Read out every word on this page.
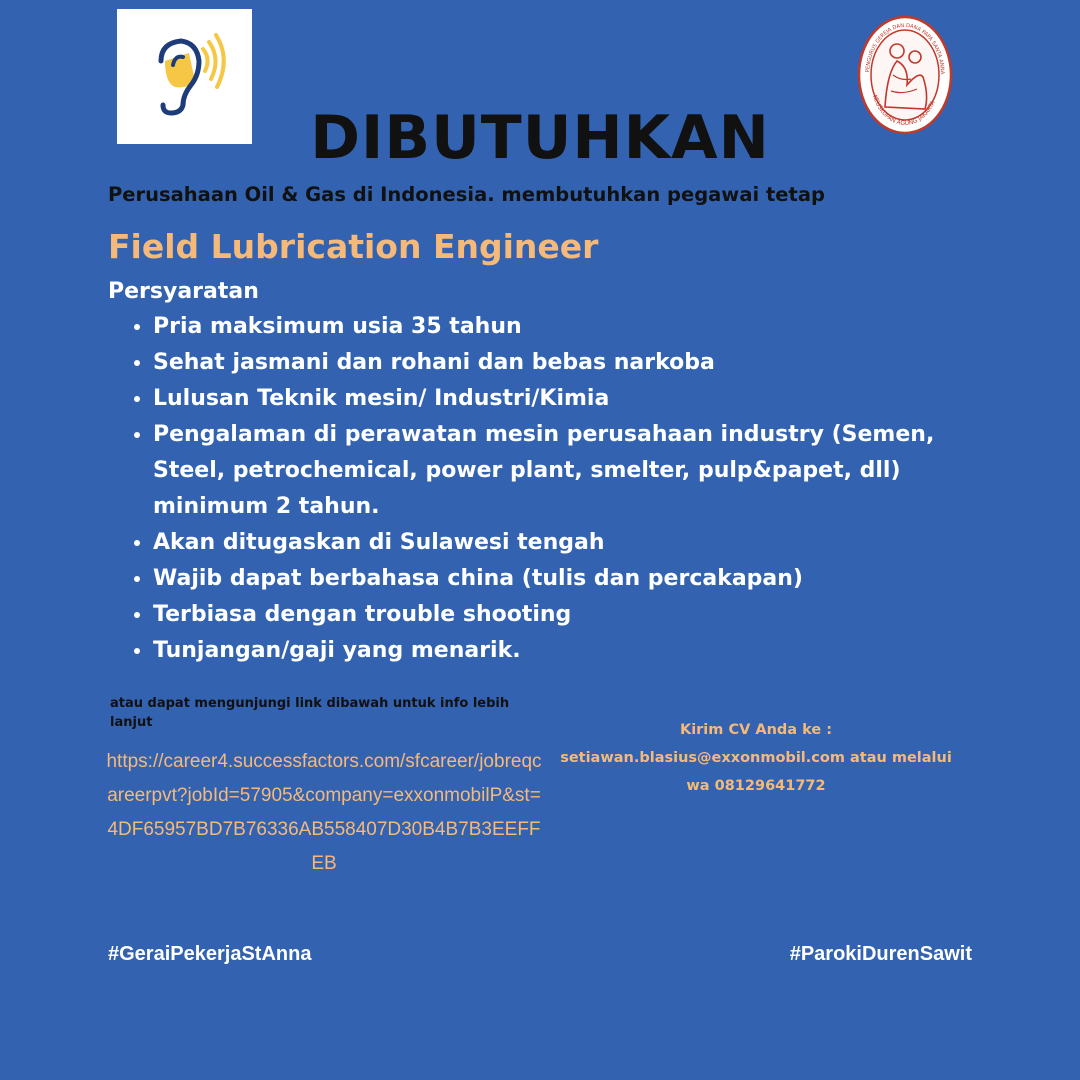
PENGURUS GEREJA DAN DANA PAPA SANTA ANNA
KEUSKUPAN AGUNG JAKARTA
DIBUTUHKAN
Perusahaan Oil & Gas di Indonesia. membutuhkan pegawai tetap
Field Lubrication Engineer
Persyaratan
• Pria maksimum usia 35 tahun
• Sehat jasmani dan rohani dan bebas narkoba
• Lulusan Teknik mesin/ Industri/Kimia
• Pengalaman di perawatan mesin perusahaan industry (Semen, Steel, petrochemical, power plant, smelter, pulp&papet, dll) minimum 2 tahun.
• Akan ditugaskan di Sulawesi tengah
• Wajib dapat berbahasa china (tulis dan percakapan)
• Terbiasa dengan trouble shooting
• Tunjangan/gaji yang menarik.
atau dapat mengunjungi link dibawah untuk info lebih lanjut
https://career4.successfactors.com/sfcareer/jobreqcareerpvt?jobId=57905&company=exxonmobilP&st=4DF65957BD7B76336AB558407D30B4B7B3EEFFEB
Kirim CV Anda ke :
setiawan.blasius@exxonmobil.com atau melalui wa 08129641772
#GeraiPekerjaStAnna	#ParokiDurenSawit
